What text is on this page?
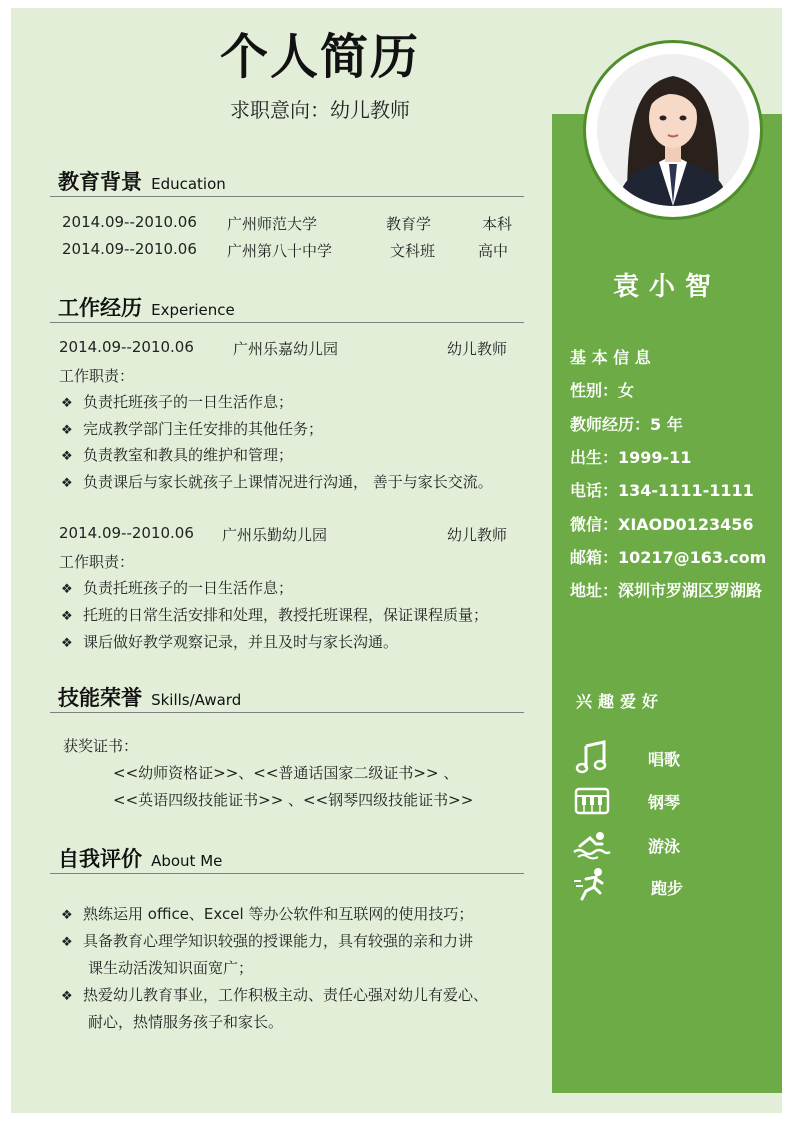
个人简历
求职意向：幼儿教师
教育背景 Education
2014.09--2010.06 广州师范大学	教育学	本科
2014.09--2010.06 广州第八十中学	文科班	高中
工作经历 Experience
2014.09--2010.06	广州乐嘉幼儿园	幼儿教师
工作职责：
❖ 负责托班孩子的一日生活作息；
❖ 完成教学部门主任安排的其他任务；
❖ 负责教室和教具的维护和管理；
❖ 负责课后与家长就孩子上课情况进行沟通， 善于与家长交流。
2014.09--2010.06 广州乐勤幼儿园	幼儿教师
工作职责：
❖ 负责托班孩子的一日生活作息；
❖ 托班的日常生活安排和处理，教授托班课程，保证课程质量；
❖ 课后做好教学观察记录，并且及时与家长沟通。
技能荣誉 Skills/Award
获奖证书：
<<幼师资格证>>、<<普通话国家二级证书>> 、
<<英语四级技能证书>> 、<<钢琴四级技能证书>>
自我评价 About Me
❖ 熟练运用 office、Excel 等办公软件和互联网的使用技巧；
❖ 具备教育心理学知识较强的授课能力，具有较强的亲和力讲
课生动活泼知识面宽广；
❖ 热爱幼儿教育事业，工作积极主动、责任心强对幼儿有爱心、
耐心，热情服务孩子和家长。
袁小智
基 本 信 息
性别：女
教师经历：5 年
出生：1999-11
电话：134-1111-1111
微信：XIAOD0123456
邮箱：10217@163.com
地址：深圳市罗湖区罗湖路
兴趣爱好
唱歌
钢琴
游泳
跑步
